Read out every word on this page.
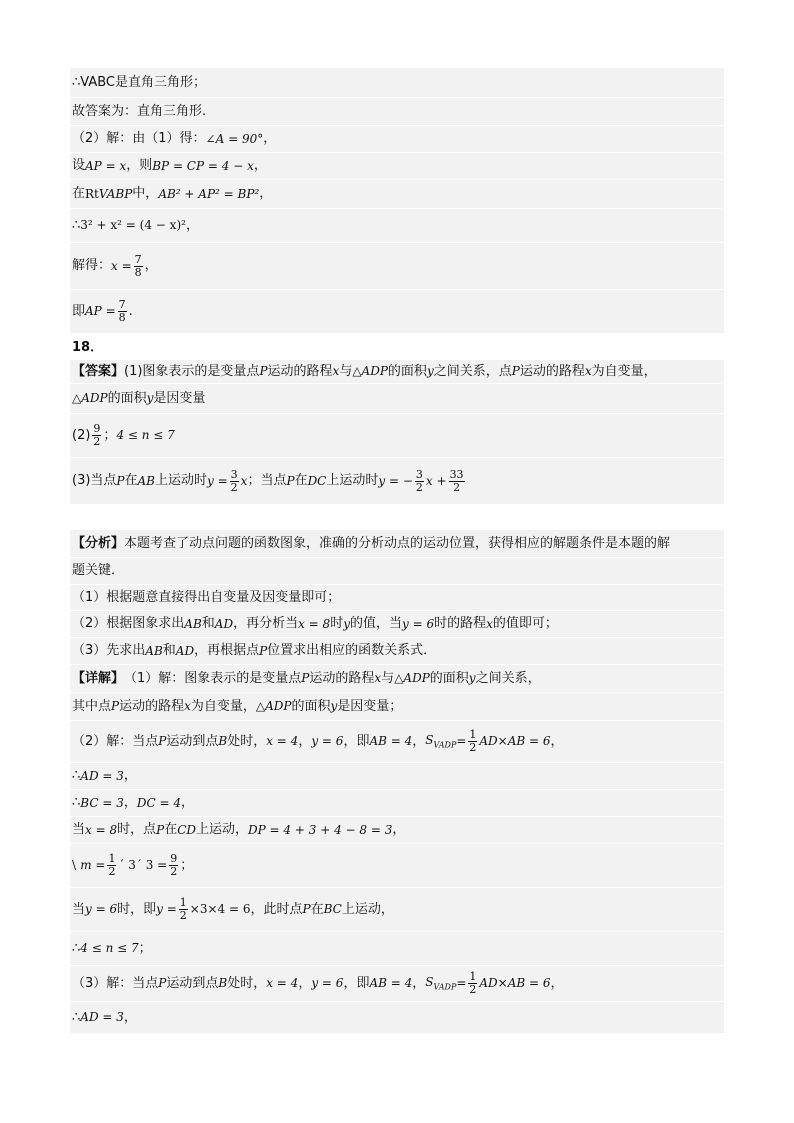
∴VABC是直角三角形；
故答案为：直角三角形.
（2）解：由（1）得： ∠A = 90° ，
设 AP = x ，则 BP = CP = 4 − x ，
在 Rt VABP 中， AB² + AP² = BP² ，
∴ 3² + x² = (4 − x)² ，
解得： $x = \frac{7}{8}$ ，
即 AP = $\frac{7}{8}$ .
18．
【答案】 (1)图象表示的是变量点 P 运动的路程 x 与 △ADP 的面积 y 之间关系，点 P 运动的路程 x 为自变量，
△ADP 的面积 y 是因变量
$(2) \frac{9}{2}$ ； 4 ≤ n ≤ 7
(3)当点 P 在 AB 上运动时 $y = \frac{3}{2}$ x ；当点 P 在 DC 上运动时 y = − $\frac{3}{2}$ $x + \frac{33}{2}$
【分析】 本题考查了动点问题的函数图象，准确的分析动点的运动位置，获得相应的解题条件是本题的解
题关键．
（1）根据题意直接得出自变量及因变量即可；
（2）根据图象求出 AB 和 AD ，再分析当 x = 8 时 y 的值，当 y = 6 时的路程 x 的值即可；
（3）先求出 AB 和 AD ，再根据点 P 位置求出相应的函数关系式．
【详解】 （1）解：图象表示的是变量点 P 运动的路程 x 与 △ADP 的面积 y 之间关系，
其中点 P 运动的路程 x 为自变量， △ADP 的面积 y 是因变量；
（2）解：当点 P 运动到点 B 处时， x = 4 ， y = 6 ，即 AB = 4 ， $S_{VADP} = \frac{1}{2} AD\times AB = 6$ ，
∴ AD = 3 ，
∴ BC = 3 ， DC = 4 ，
当 x = 8 时，点 P 在 CD 上运动， DP = 4 + 3 + 4 − 8 = 3 ，
\
$m = \frac{1}{2}$ ´ 3´ $3 = \frac{9}{2}$ ；
当 y = 6 时，即 $y = \frac{1}{2} \times 3\times 4 = 6$ ，此时点 P 在 BC 上运动，
∴ 4 ≤ n ≤ 7 ；
（3）解：当点 P 运动到点 B 处时， x = 4 ， y = 6 ，即 AB = 4 ， $S_{VADP} = \frac{1}{2} AD\times AB = 6$ ，
∴ AD = 3 ，
